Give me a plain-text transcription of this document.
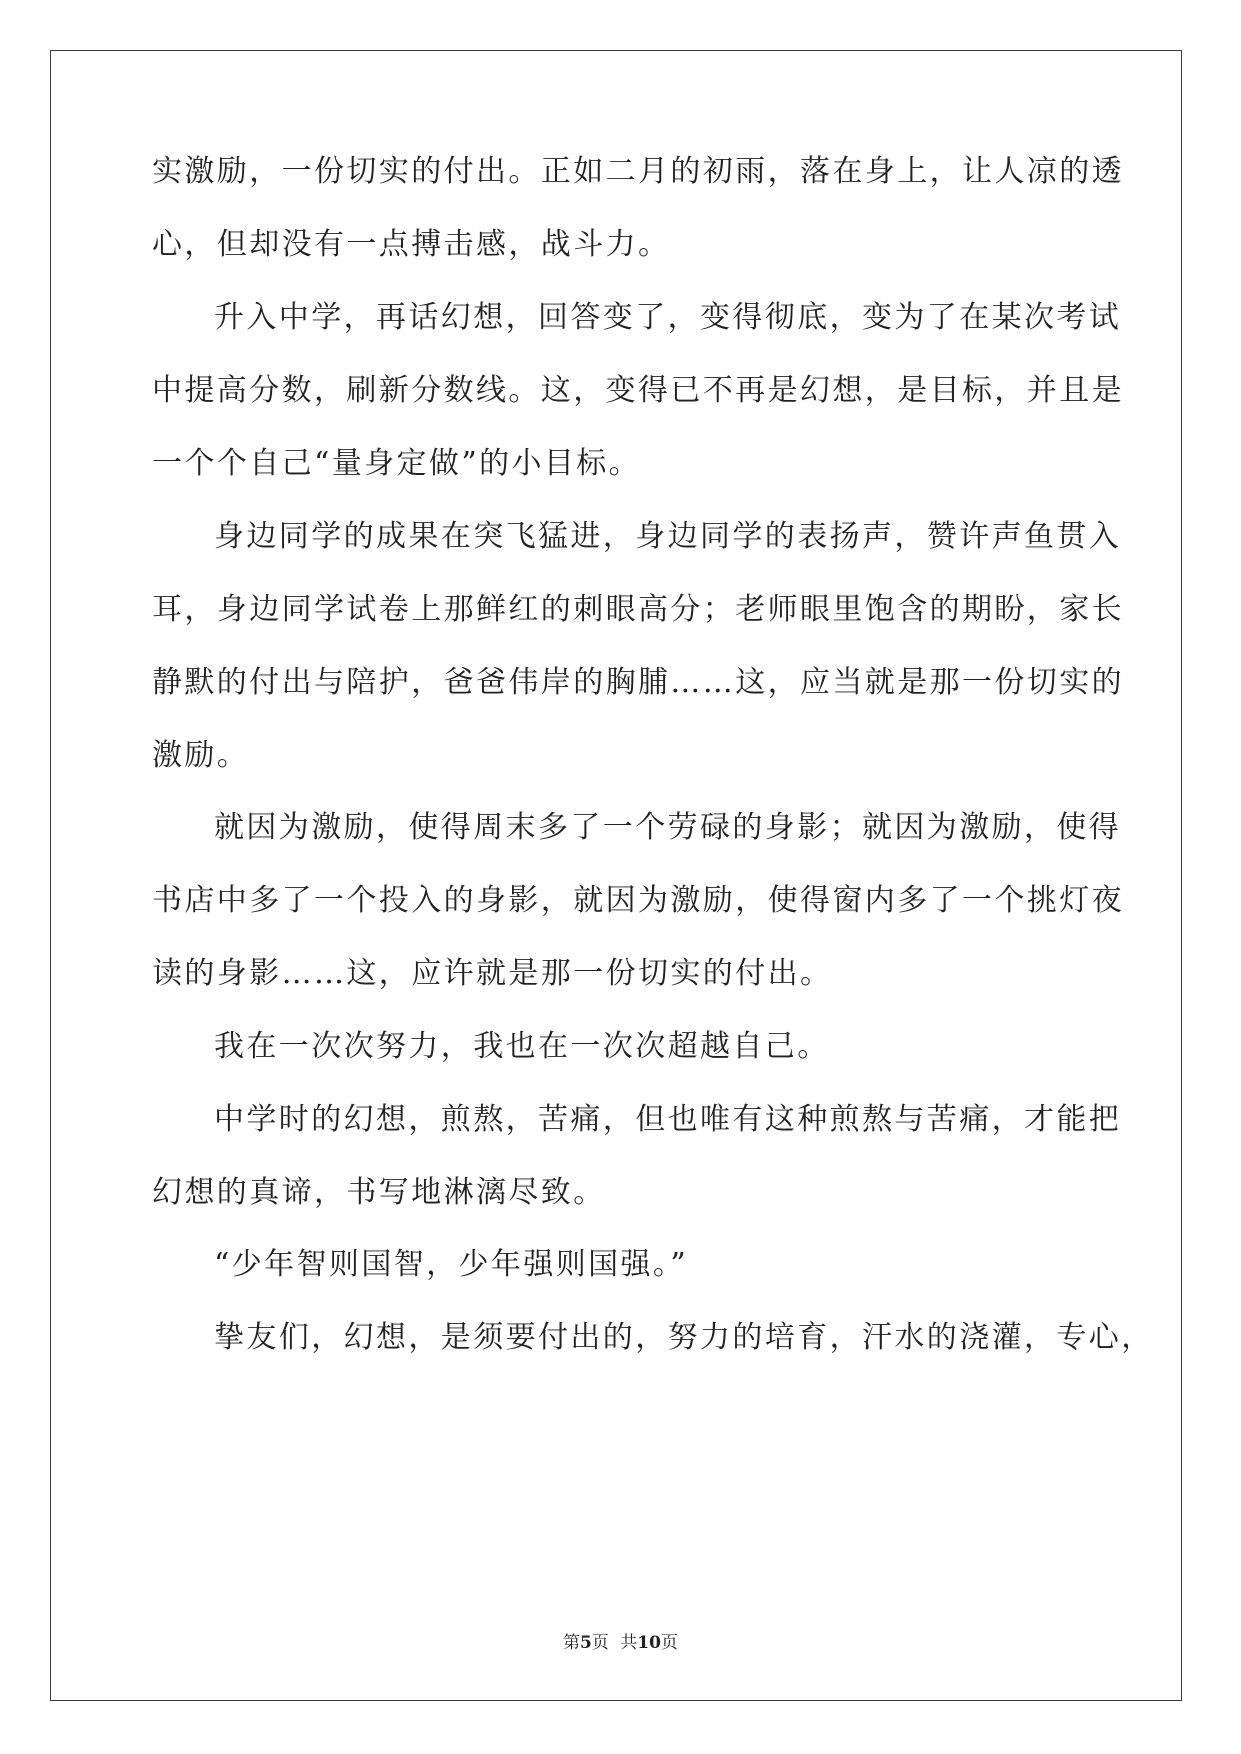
实激励，一份切实的付出。正如二月的初雨，落在身上，让人凉的透
心，但却没有一点搏击感，战斗力。
升入中学，再话幻想，回答变了，变得彻底，变为了在某次考试
中提高分数，刷新分数线。这，变得已不再是幻想，是目标，并且是
一个个自己“量身定做”的小目标。
身边同学的成果在突飞猛进，身边同学的表扬声，赞许声鱼贯入
耳，身边同学试卷上那鲜红的刺眼高分；老师眼里饱含的期盼，家长
静默的付出与陪护，爸爸伟岸的胸脯……这，应当就是那一份切实的
激励。
就因为激励，使得周末多了一个劳碌的身影；就因为激励，使得
书店中多了一个投入的身影，就因为激励，使得窗内多了一个挑灯夜
读的身影……这，应许就是那一份切实的付出。
我在一次次努力，我也在一次次超越自己。
中学时的幻想，煎熬，苦痛，但也唯有这种煎熬与苦痛，才能把
幻想的真谛，书写地淋漓尽致。
“少年智则国智，少年强则国强。”
挚友们，幻想，是须要付出的，努力的培育，汗水的浇灌，专心，
第5页 共10页
